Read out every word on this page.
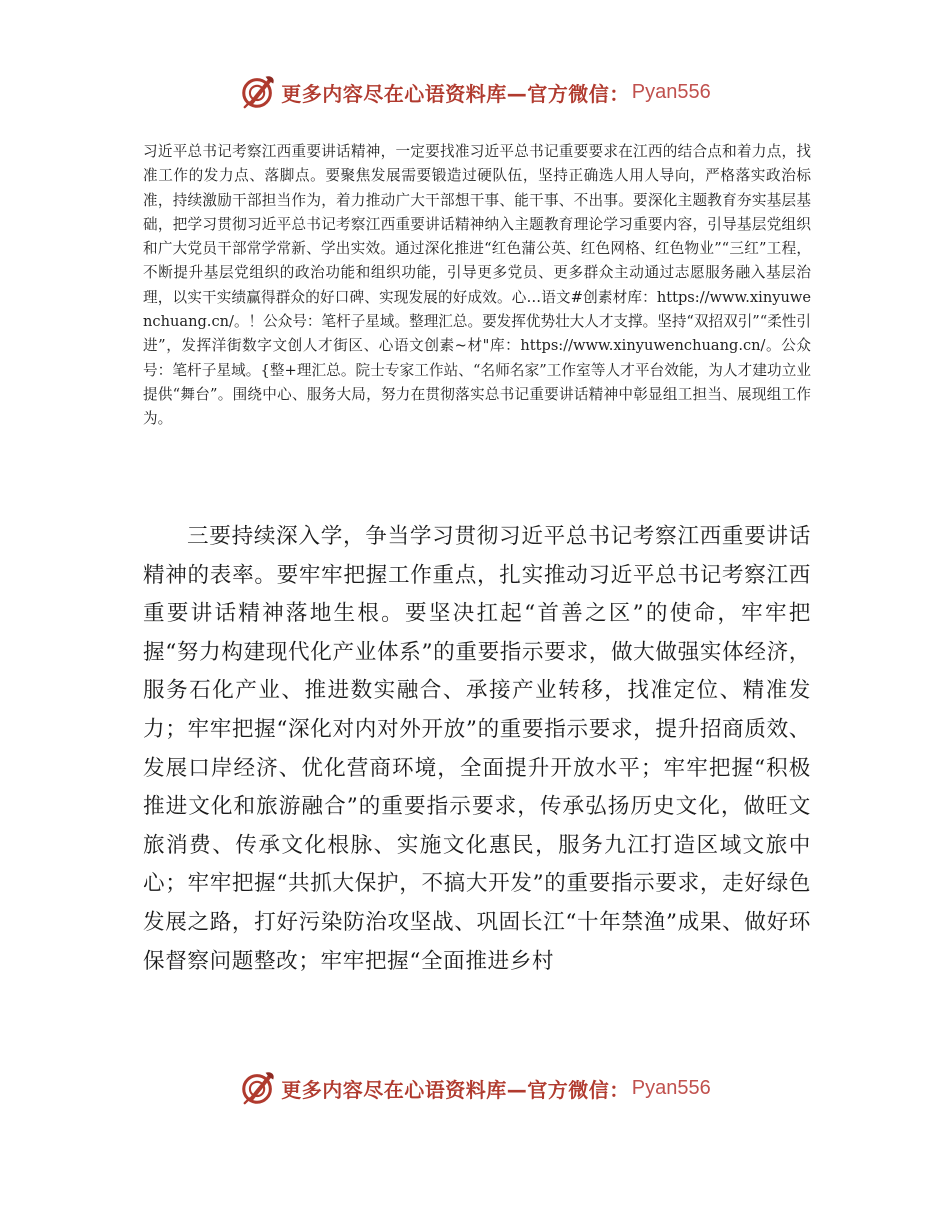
更多内容尽在心语资料库—官方微信： Pyan556

习近平总书记考察江西重要讲话精神，一定要找准习近平总书记重要要求在江西的结合点和着力点，找准工作的发力点、落脚点。要聚焦发展需要锻造过硬队伍，坚持正确选人用人导向，严格落实政治标准，持续激励干部担当作为，着力推动广大干部想干事、能干事、不出事。要深化主题教育夯实基层基础，把学习贯彻习近平总书记考察江西重要讲话精神纳入主题教育理论学习重要内容，引导基层党组织和广大党员干部常学常新、学出实效。通过深化推进“红色蒲公英、红色网格、红色物业”“三红”工程，不断提升基层党组织的政治功能和组织功能，引导更多党员、更多群众主动通过志愿服务融入基层治理，以实干实绩赢得群众的好口碑、实现发展的好成效。心…语文#创素材库：https://www.xinyuwenchuang.cn/。！公众号：笔杆子星域。整理汇总。要发挥优势壮大人才支撑。坚持“双招双引”“柔性引进”，发挥洋街数字文创人才街区、心语文创素~材"库：https://www.xinyuwenchuang.cn/。公众号：笔杆子星域。{整+理汇总。院士专家工作站、“名师名家”工作室等人才平台效能，为人才建功立业提供“舞台”。围绕中心、服务大局，努力在贯彻落实总书记重要讲话精神中彰显组工担当、展现组工作为。

三要持续深入学，争当学习贯彻习近平总书记考察江西重要讲话精神的表率。要牢牢把握工作重点，扎实推动习近平总书记考察江西重要讲话精神落地生根。要坚决扛起“首善之区”的使命，牢牢把握“努力构建现代化产业体系”的重要指示要求，做大做强实体经济，服务石化产业、推进数实融合、承接产业转移，找准定位、精准发力；牢牢把握“深化对内对外开放”的重要指示要求，提升招商质效、发展口岸经济、优化营商环境，全面提升开放水平；牢牢把握“积极推进文化和旅游融合”的重要指示要求，传承弘扬历史文化，做旺文旅消费、传承文化根脉、实施文化惠民，服务九江打造区域文旅中心；牢牢把握“共抓大保护，不搞大开发”的重要指示要求，走好绿色发展之路，打好污染防治攻坚战、巩固长江“十年禁渔”成果、做好环保督察问题整改；牢牢把握“全面推进乡村

更多内容尽在心语资料库—官方微信： Pyan556
